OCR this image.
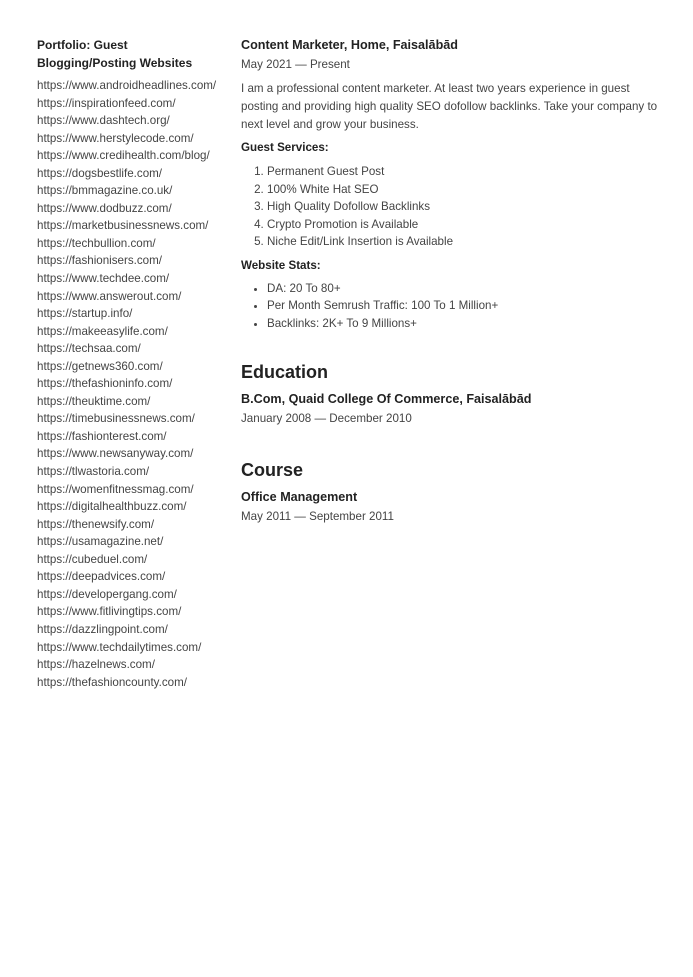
Portfolio: Guest
Blogging/Posting Websites
https://www.androidheadlines.com/
https://inspirationfeed.com/
https://www.dashtech.org/
https://www.herstylecode.com/
https://www.credihealth.com/blog/
https://dogsbestlife.com/
https://bmmagazine.co.uk/
https://www.dodbuzz.com/
https://marketbusinessnews.com/
https://techbullion.com/
https://fashionisers.com/
https://www.techdee.com/
https://www.answerout.com/
https://startup.info/
https://makeeasylife.com/
https://techsaa.com/
https://getnews360.com/
https://thefashioninfo.com/
https://theuktime.com/
https://timebusinessnews.com/
https://fashionterest.com/
https://www.newsanyway.com/
https://tlwastoria.com/
https://womenfitnessmag.com/
https://digitalhealthbuzz.com/
https://thenewsify.com/
https://usamagazine.net/
https://cubeduel.com/
https://deepadvices.com/
https://developergang.com/
https://www.fitlivingtips.com/
https://dazzlingpoint.com/
https://www.techdailytimes.com/
https://hazelnews.com/
https://thefashioncounty.com/
Content Marketer, Home, Faisalābād

May 2021 — Present

I am a professional content marketer. At least two years experience in guest posting and providing high quality SEO dofollow backlinks. Take your company to next level and grow your business.

Guest Services:

1. Permanent Guest Post
2. 100% White Hat SEO
3. High Quality Dofollow Backlinks
4. Crypto Promotion is Available
5. Niche Edit/Link Insertion is Available

Website Stats:

• DA: 20 To 80+
• Per Month Semrush Traffic: 100 To 1 Million+
• Backlinks: 2K+ To 9 Millions+
Education
B.Com, Quaid College Of Commerce, Faisalābād

January 2008 — December 2010

Course
Office Management

May 2011 — September 2011
